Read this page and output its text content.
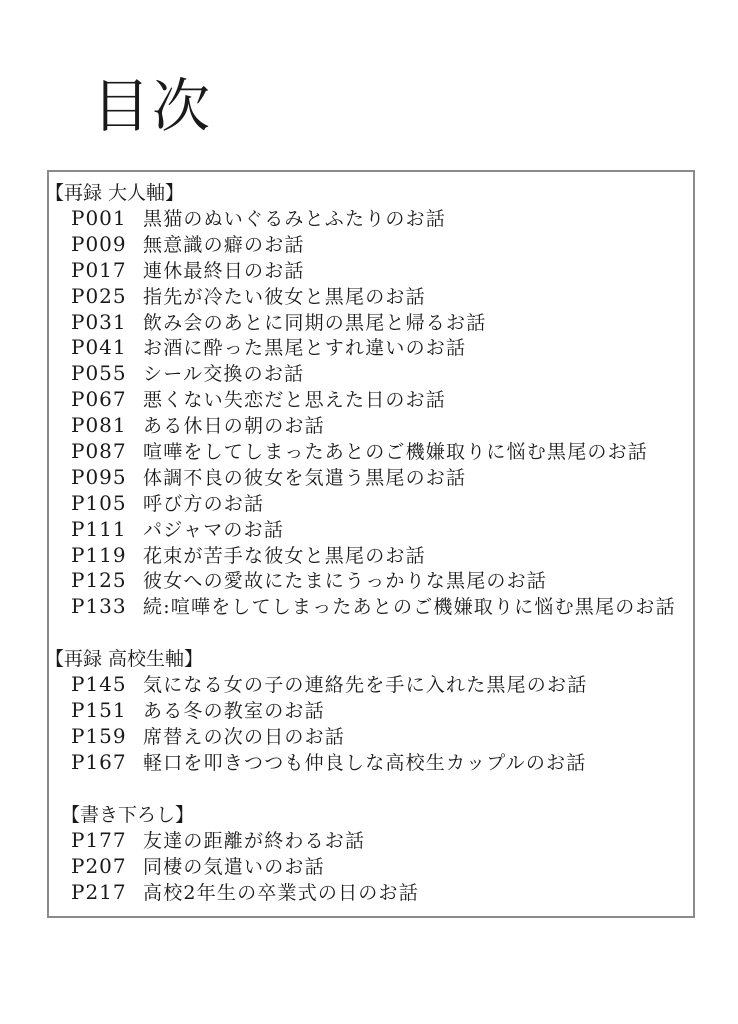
目次
【再録 大人軸】
P001 黒猫のぬいぐるみとふたりのお話
P009 無意識の癖のお話
P017 連休最終日のお話
P025 指先が冷たい彼女と黒尾のお話
P031 飲み会のあとに同期の黒尾と帰るお話
P041 お酒に酔った黒尾とすれ違いのお話
P055 シール交換のお話
P067 悪くない失恋だと思えた日のお話
P081 ある休日の朝のお話
P087 喧嘩をしてしまったあとのご機嫌取りに悩む黒尾のお話
P095 体調不良の彼女を気遣う黒尾のお話
P105 呼び方のお話
P111 パジャマのお話
P119 花束が苦手な彼女と黒尾のお話
P125 彼女への愛故にたまにうっかりな黒尾のお話
P133 続:喧嘩をしてしまったあとのご機嫌取りに悩む黒尾のお話
【再録 高校生軸】
P145 気になる女の子の連絡先を手に入れた黒尾のお話
P151 ある冬の教室のお話
P159 席替えの次の日のお話
P167 軽口を叩きつつも仲良しな高校生カップルのお話
【書き下ろし】
P177 友達の距離が終わるお話
P207 同棲の気遣いのお話
P217 高校2年生の卒業式の日のお話
